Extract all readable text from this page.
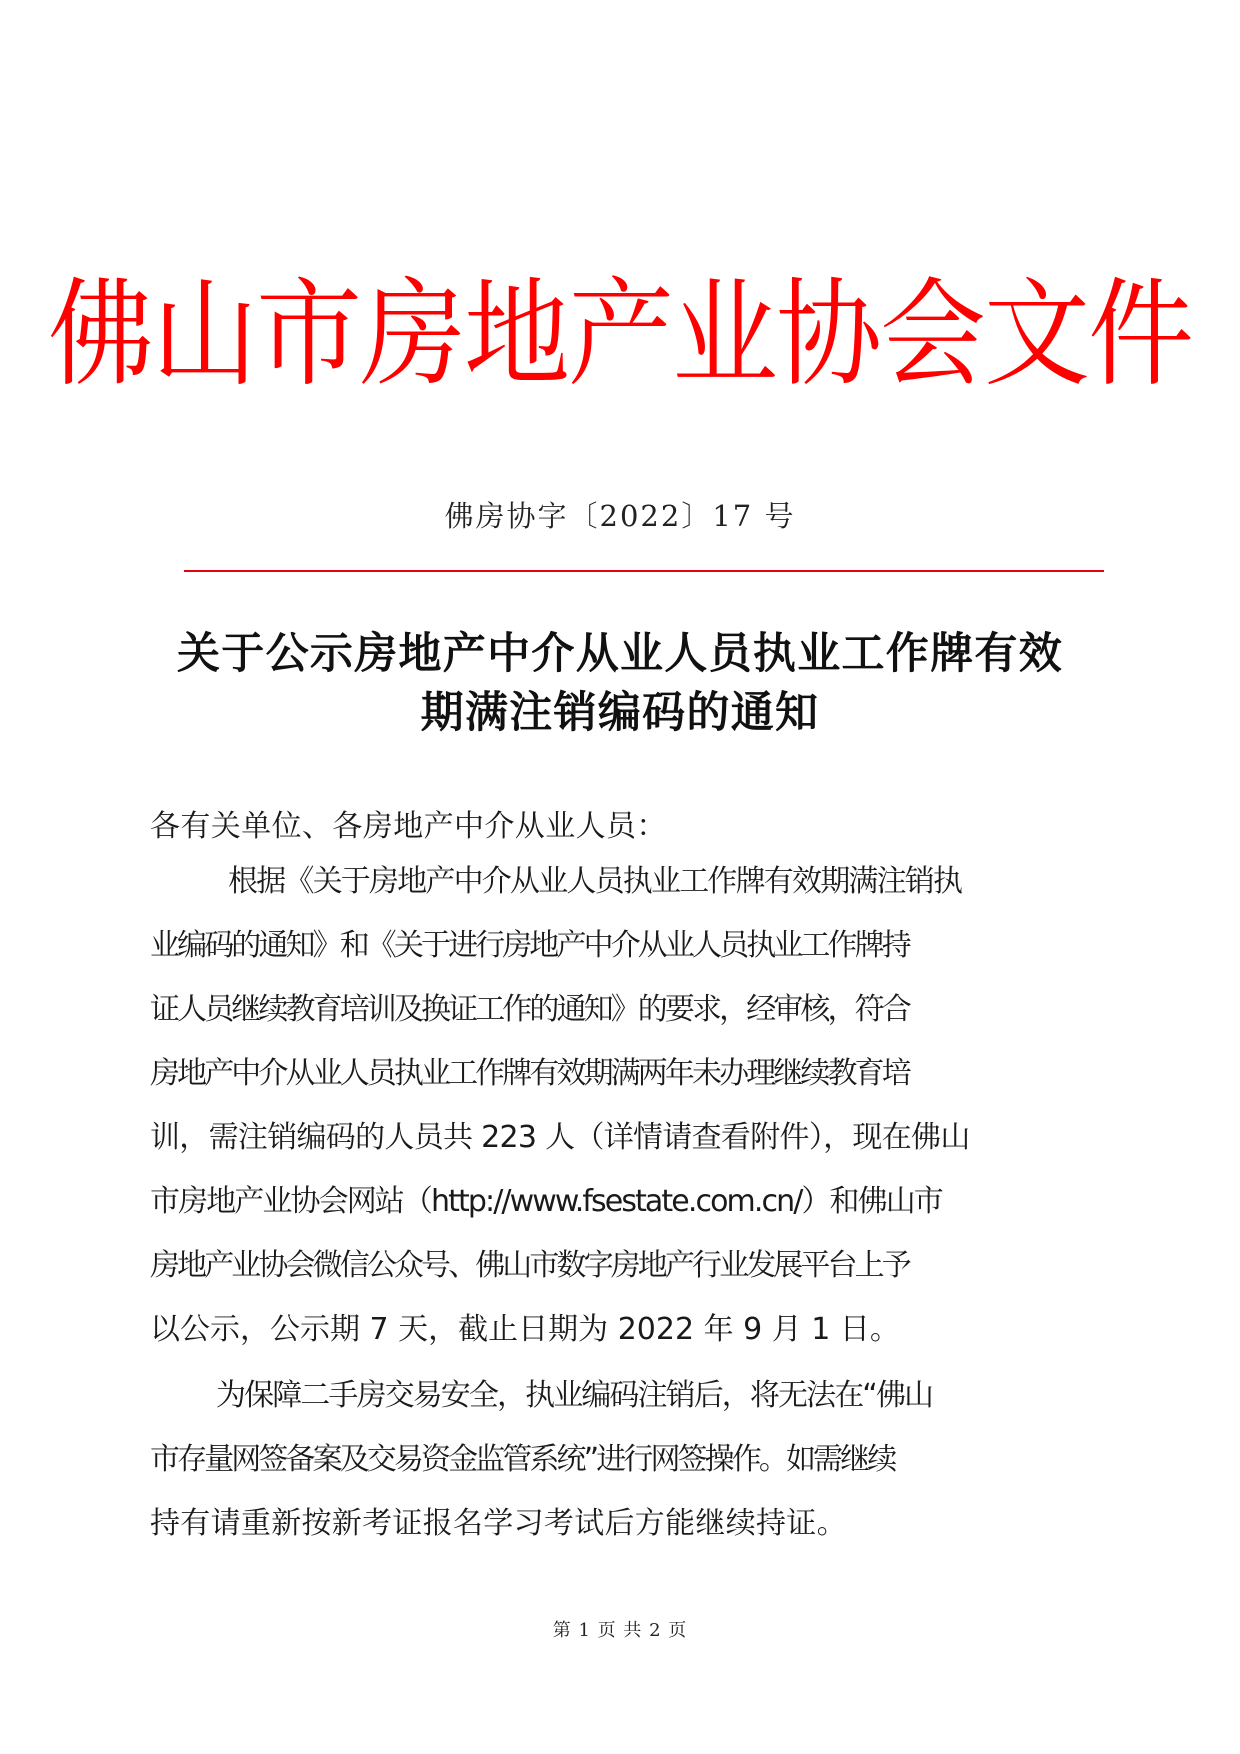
佛山市房地产业协会文件
佛房协字〔2022〕17 号
关于公示房地产中介从业人员执业工作牌有效
期满注销编码的通知
各有关单位、各房地产中介从业人员：
根据《关于房地产中介从业人员执业工作牌有效期满注销执
业编码的通知》和《关于进行房地产中介从业人员执业工作牌持
证人员继续教育培训及换证工作的通知》的要求，经审核，符合
房地产中介从业人员执业工作牌有效期满两年未办理继续教育培
训，需注销编码的人员共 223 人（详情请查看附件），现在佛山
市房地产业协会网站（http://www.fsestate.com.cn/）和佛山市
房地产业协会微信公众号、佛山市数字房地产行业发展平台上予
以公示，公示期 7 天，截止日期为 2022 年 9 月 1 日。
为保障二手房交易安全，执业编码注销后，将无法在“佛山
市存量网签备案及交易资金监管系统”进行网签操作。如需继续
持有请重新按新考证报名学习考试后方能继续持证。
第 1 页 共 2 页
